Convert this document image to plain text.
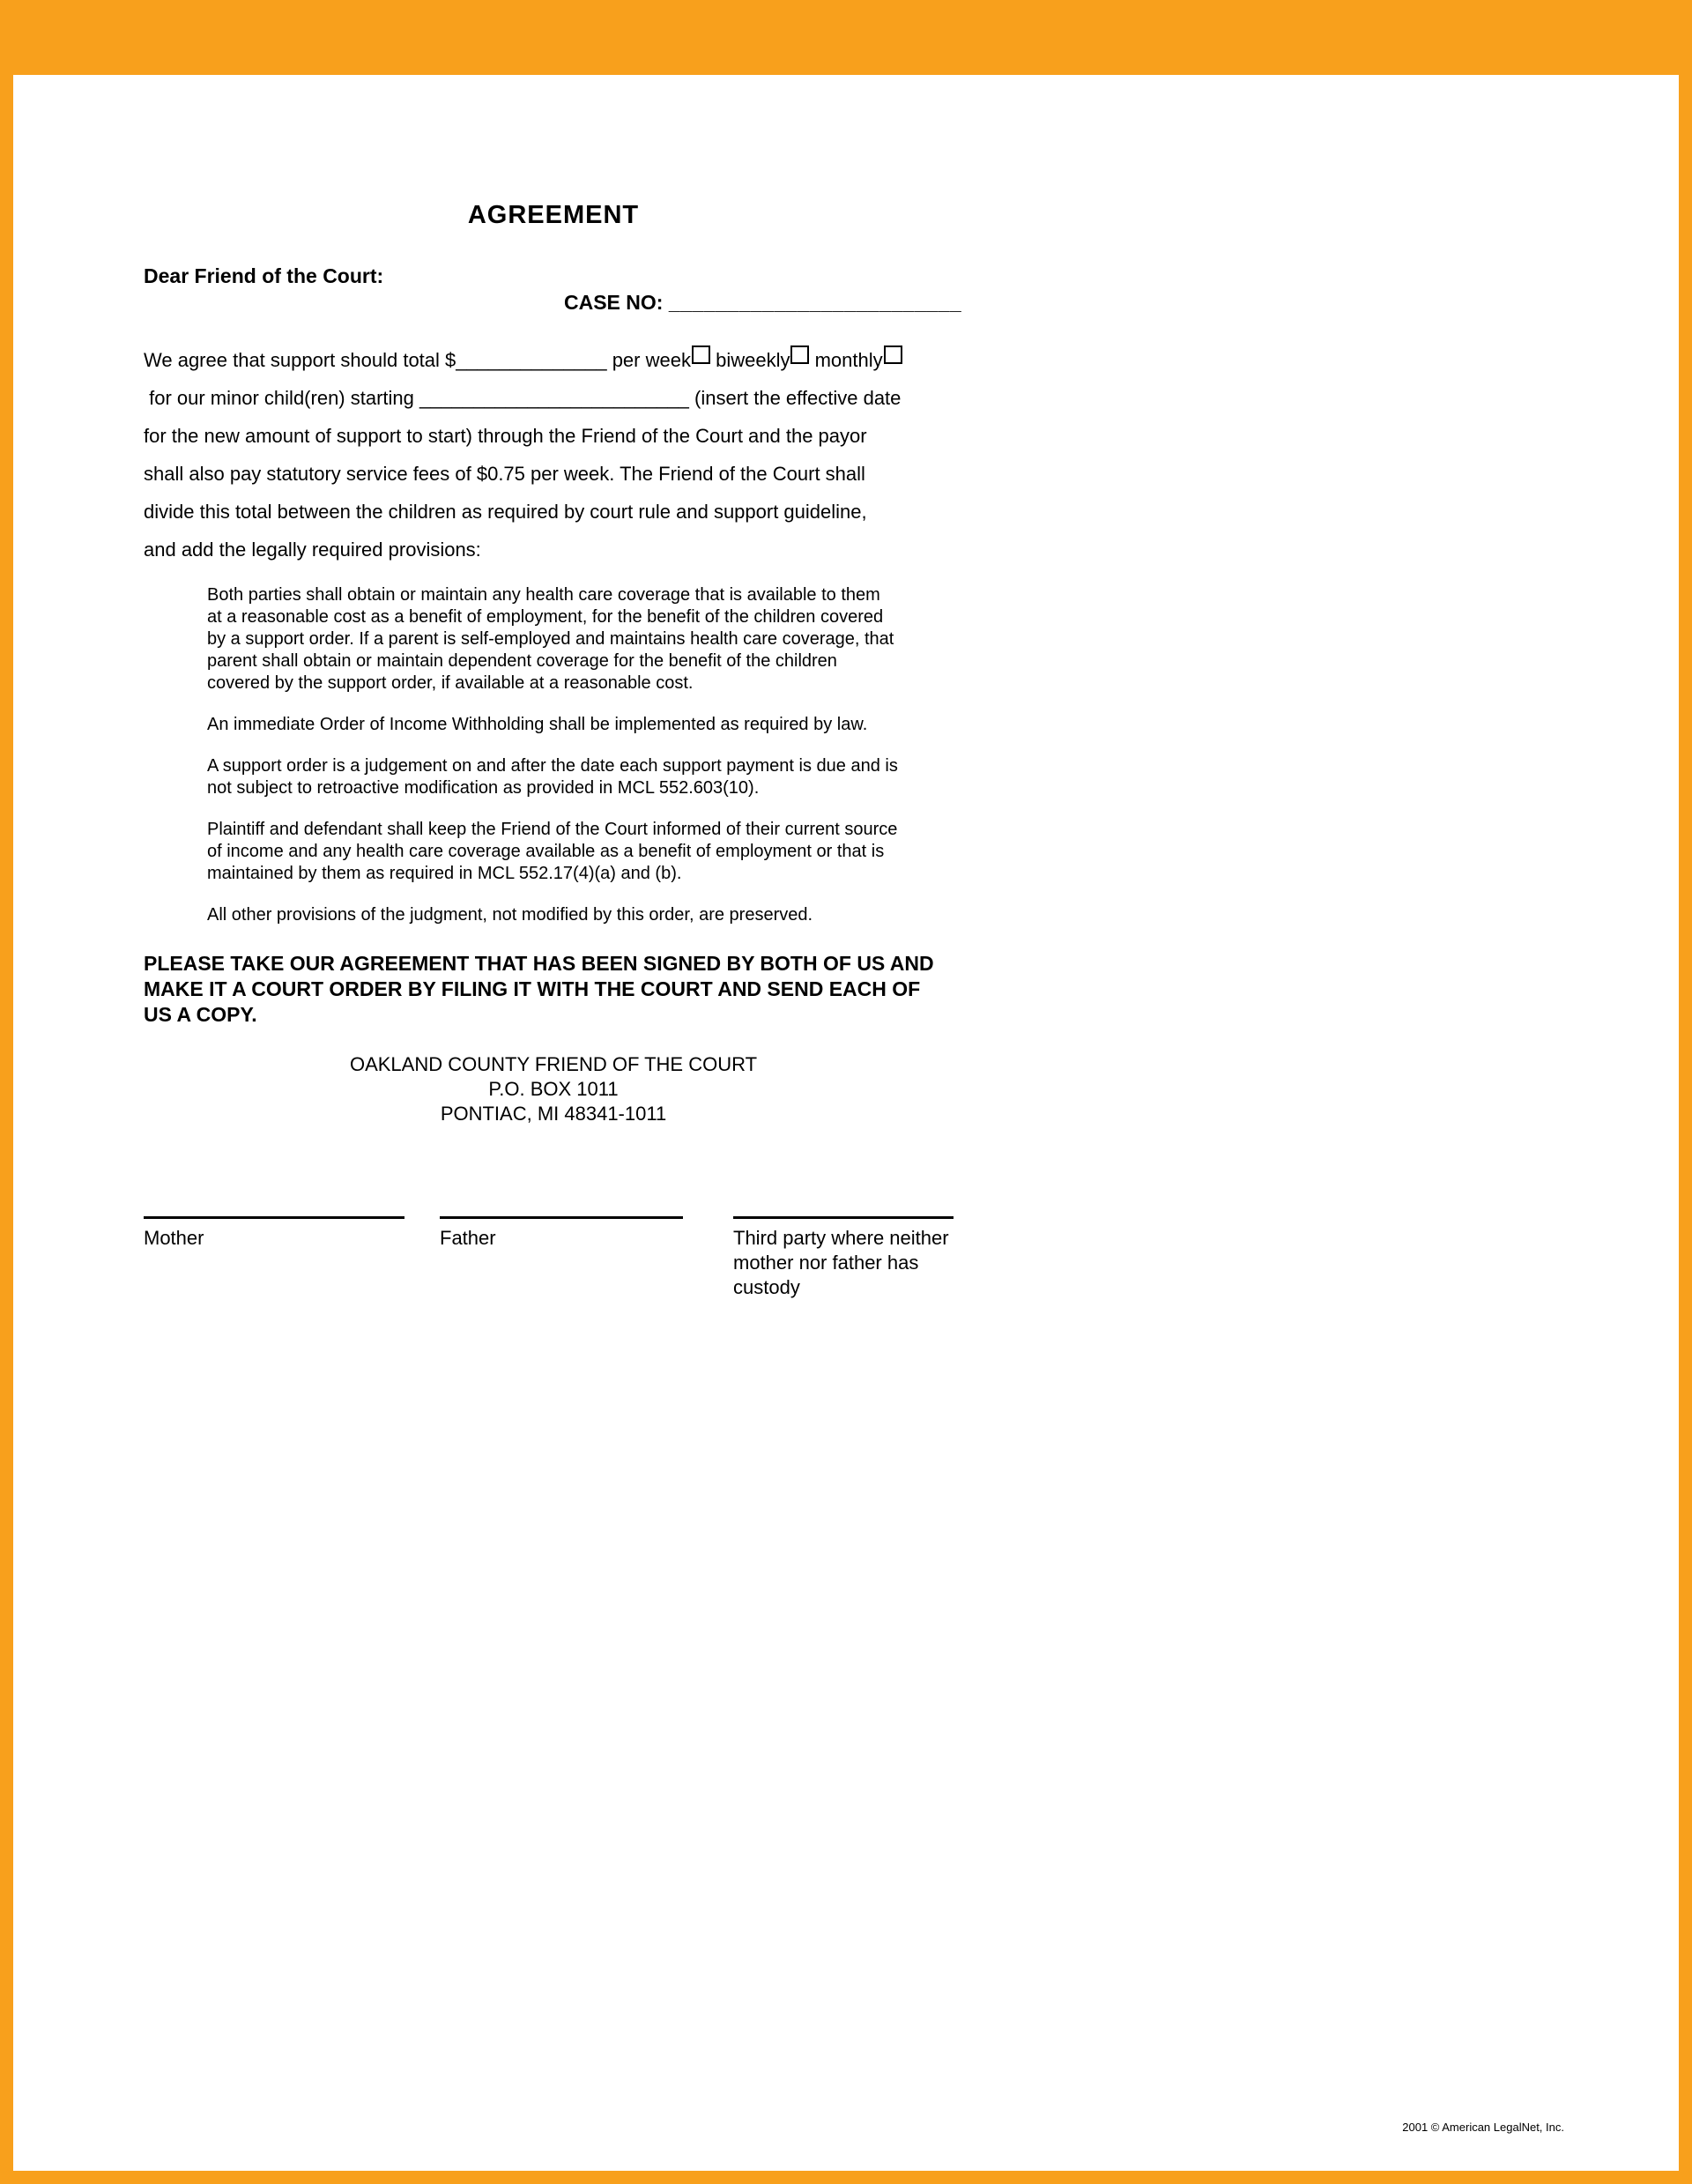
AGREEMENT
Dear Friend of the Court:
CASE NO: _________________________
We agree that support should total $______________ per week biweekly monthly
for our minor child(ren) starting _________________________ (insert the effective date
for the new amount of support to start) through the Friend of the Court and the payor
shall also pay statutory service fees of $0.75 per week. The Friend of the Court shall
divide this total between the children as required by court rule and support guideline,
and add the legally required provisions:

Both parties shall obtain or maintain any health care coverage that is available to them at a reasonable cost as a benefit of employment, for the benefit of the children covered by a support order. If a parent is self-employed and maintains health care coverage, that parent shall obtain or maintain dependent coverage for the benefit of the children covered by the support order, if available at a reasonable cost.

An immediate Order of Income Withholding shall be implemented as required by law.

A support order is a judgement on and after the date each support payment is due and is not subject to retroactive modification as provided in MCL 552.603(10).

Plaintiff and defendant shall keep the Friend of the Court informed of their current source of income and any health care coverage available as a benefit of employment or that is maintained by them as required in MCL 552.17(4)(a) and (b).

All other provisions of the judgment, not modified by this order, are preserved.

PLEASE TAKE OUR AGREEMENT THAT HAS BEEN SIGNED BY BOTH OF US AND
MAKE IT A COURT ORDER BY FILING IT WITH THE COURT AND SEND EACH OF
US A COPY.
OAKLAND COUNTY FRIEND OF THE COURT
P.O. BOX 1011
PONTIAC, MI 48341-1011
Mother	Father	Third party where neither mother nor father has custody
2001 © American LegalNet, Inc.
